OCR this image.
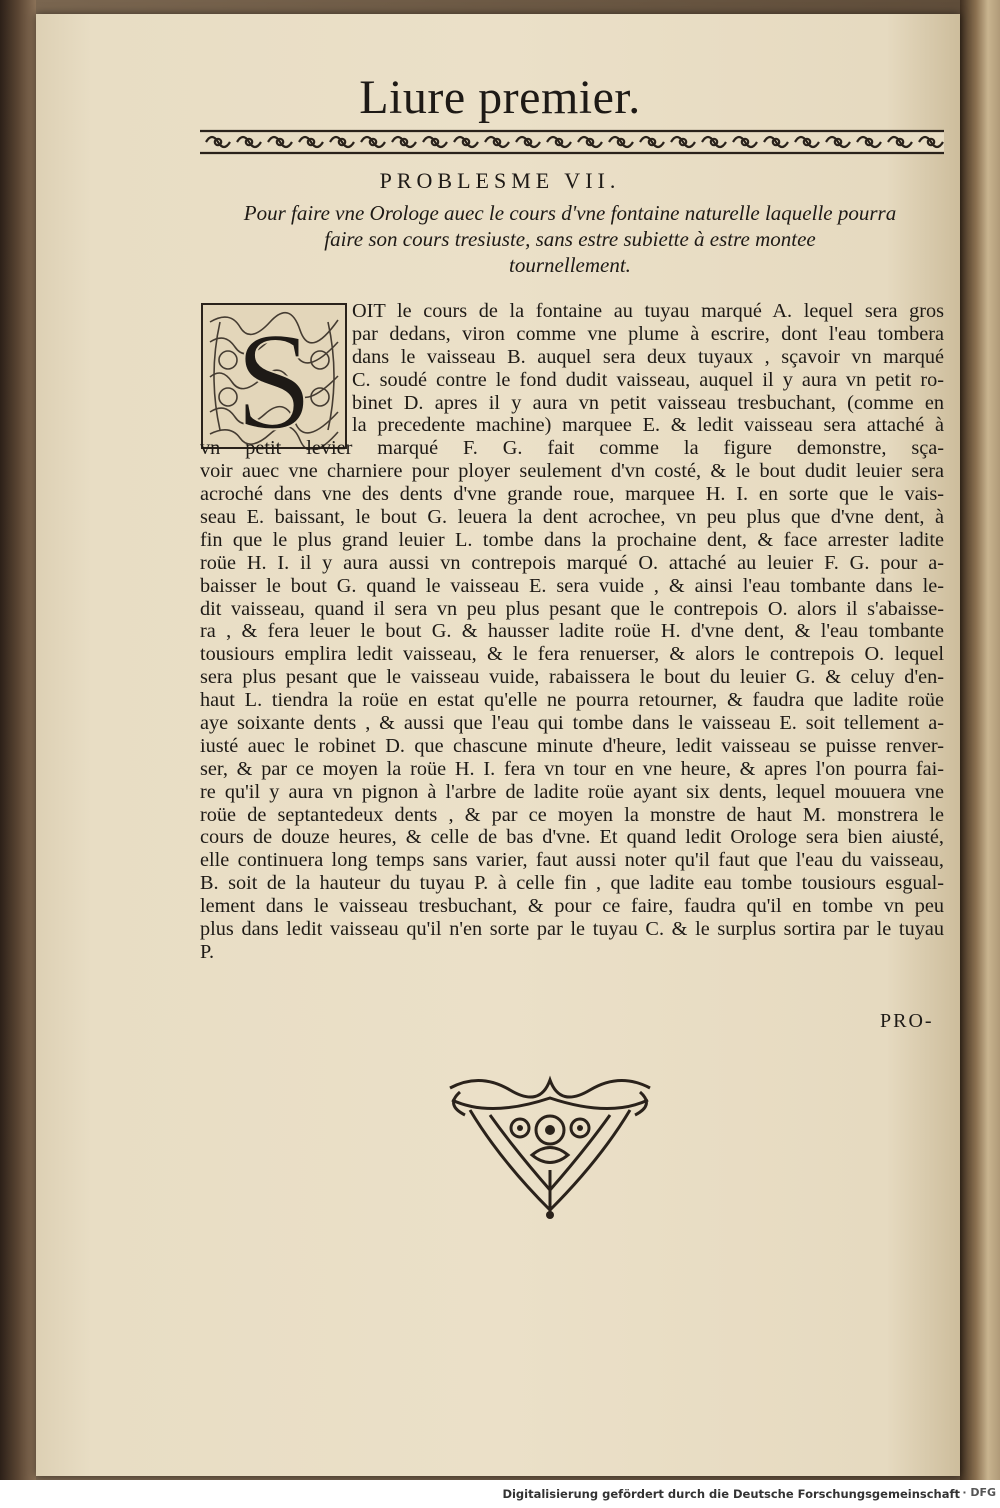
Liure premier.
PROBLESME VII.
Pour faire vne Orologe auec le cours d'vne fontaine naturelle laquelle pourra
faire son cours tresiuste, sans estre subiette à estre montee
tournellement.
S	OIT le cours de la fontaine au tuyau marqué A. lequel sera gros
par dedans, viron comme vne plume à escrire, dont l'eau tombera
dans le vaisseau B. auquel sera deux tuyaux , sçavoir vn marqué
C. soudé contre le fond dudit vaisseau, auquel il y aura vn petit ro-
binet D. apres il y aura vn petit vaisseau tresbuchant, (comme en
la precedente machine) marquee E. & ledit vaisseau sera attaché à
vn petit levier marqué F. G. fait comme la figure demonstre, sça-
voir auec vne charniere pour ployer seulement d'vn costé, & le bout dudit leuier sera
acroché dans vne des dents d'vne grande roue, marquee H. I. en sorte que le vais-
seau E. baissant, le bout G. leuera la dent acrochee, vn peu plus que d'vne dent, à
fin que le plus grand leuier L. tombe dans la prochaine dent, & face arrester ladite
roüe H. I. il y aura aussi vn contrepois marqué O. attaché au leuier F. G. pour a-
baisser le bout G. quand le vaisseau E. sera vuide , & ainsi l'eau tombante dans le-
dit vaisseau, quand il sera vn peu plus pesant que le contrepois O. alors il s'abaisse-
ra , & fera leuer le bout G. & hausser ladite roüe H. d'vne dent, & l'eau tombante
tousiours emplira ledit vaisseau, & le fera renuerser, & alors le contrepois O. lequel
sera plus pesant que le vaisseau vuide, rabaissera le bout du leuier G. & celuy d'en-
haut L. tiendra la roüe en estat qu'elle ne pourra retourner, & faudra que ladite roüe
aye soixante dents , & aussi que l'eau qui tombe dans le vaisseau E. soit tellement a-
iusté auec le robinet D. que chascune minute d'heure, ledit vaisseau se puisse renver-
ser, & par ce moyen la roüe H. I. fera vn tour en vne heure, & apres l'on pourra fai-
re qu'il y aura vn pignon à l'arbre de ladite roüe ayant six dents, lequel mouuera vne
roüe de septantedeux dents , & par ce moyen la monstre de haut M. monstrera le
cours de douze heures, & celle de bas d'vne. Et quand ledit Orologe sera bien aiusté,
elle continuera long temps sans varier, faut aussi noter qu'il faut que l'eau du vaisseau,
B. soit de la hauteur du tuyau P. à celle fin , que ladite eau tombe tousiours esgual-
lement dans le vaisseau tresbuchant, & pour ce faire, faudra qu'il en tombe vn peu
plus dans ledit vaisseau qu'il n'en sorte par le tuyau C. & le surplus sortira par le tuyau
P.
PRO-
Digitalisierung gefördert durch die Deutsche Forschungsgemeinschaft · DFG
